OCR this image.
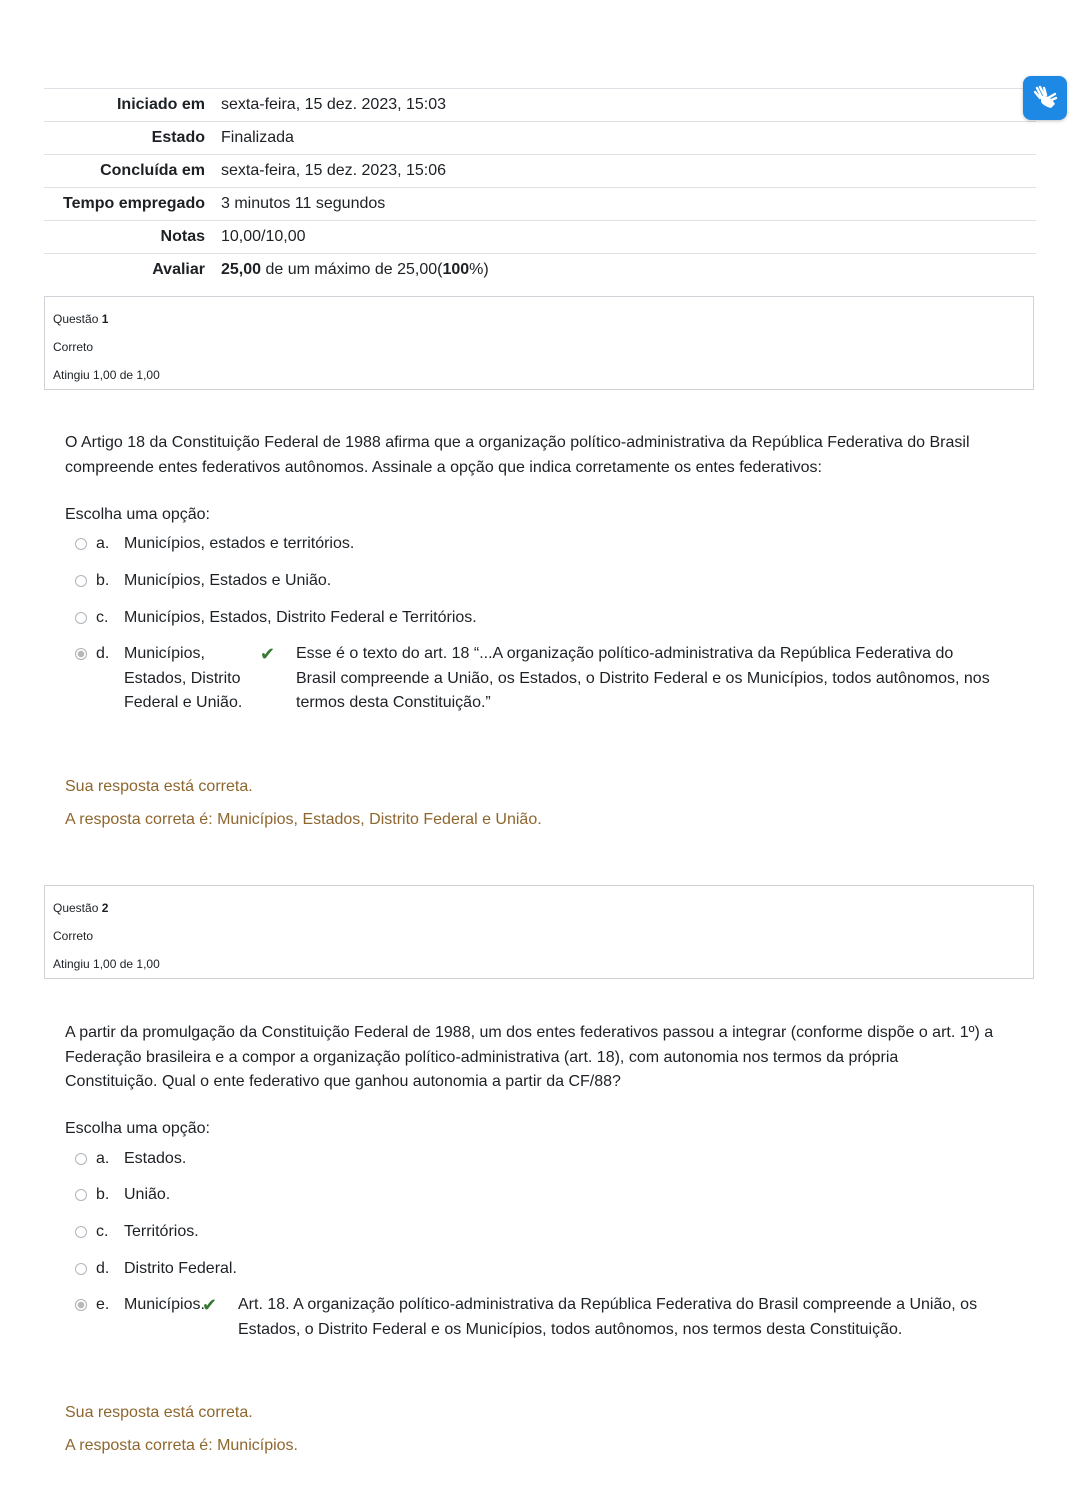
Iniciado em	sexta-feira, 15 dez. 2023, 15:03
Estado	Finalizada
Concluída em	sexta-feira, 15 dez. 2023, 15:06
Tempo empregado	3 minutos 11 segundos
Notas	10,00/10,00
Avaliar	25,00 de um máximo de 25,00(100%)
Questão 1
Correto
Atingiu 1,00 de 1,00
O Artigo 18 da Constituição Federal de 1988 afirma que a organização político-administrativa da República Federativa do Brasil compreende entes federativos autônomos. Assinale a opção que indica corretamente os entes federativos:
Escolha uma opção:
a. Municípios, estados e territórios.
b. Municípios, Estados e União.
c. Municípios, Estados, Distrito Federal e Territórios.
d. Municípios, Estados, Distrito Federal e União.
✔	Esse é o texto do art. 18 “...A organização político-administrativa da República Federativa do Brasil compreende a União, os Estados, o Distrito Federal e os Municípios, todos autônomos, nos termos desta Constituição.”
Sua resposta está correta.
A resposta correta é: Municípios, Estados, Distrito Federal e União.
Questão 2
Correto
Atingiu 1,00 de 1,00
A partir da promulgação da Constituição Federal de 1988, um dos entes federativos passou a integrar (conforme dispõe o art. 1º) a Federação brasileira e a compor a organização político-administrativa (art. 18), com autonomia nos termos da própria Constituição. Qual o ente federativo que ganhou autonomia a partir da CF/88?
Escolha uma opção:
a. Estados.
b. União.
c. Territórios.
d. Distrito Federal.
e. Municípios.
✔	Art. 18. A organização político-administrativa da República Federativa do Brasil compreende a União, os Estados, o Distrito Federal e os Municípios, todos autônomos, nos termos desta Constituição.
Sua resposta está correta.
A resposta correta é: Municípios.
